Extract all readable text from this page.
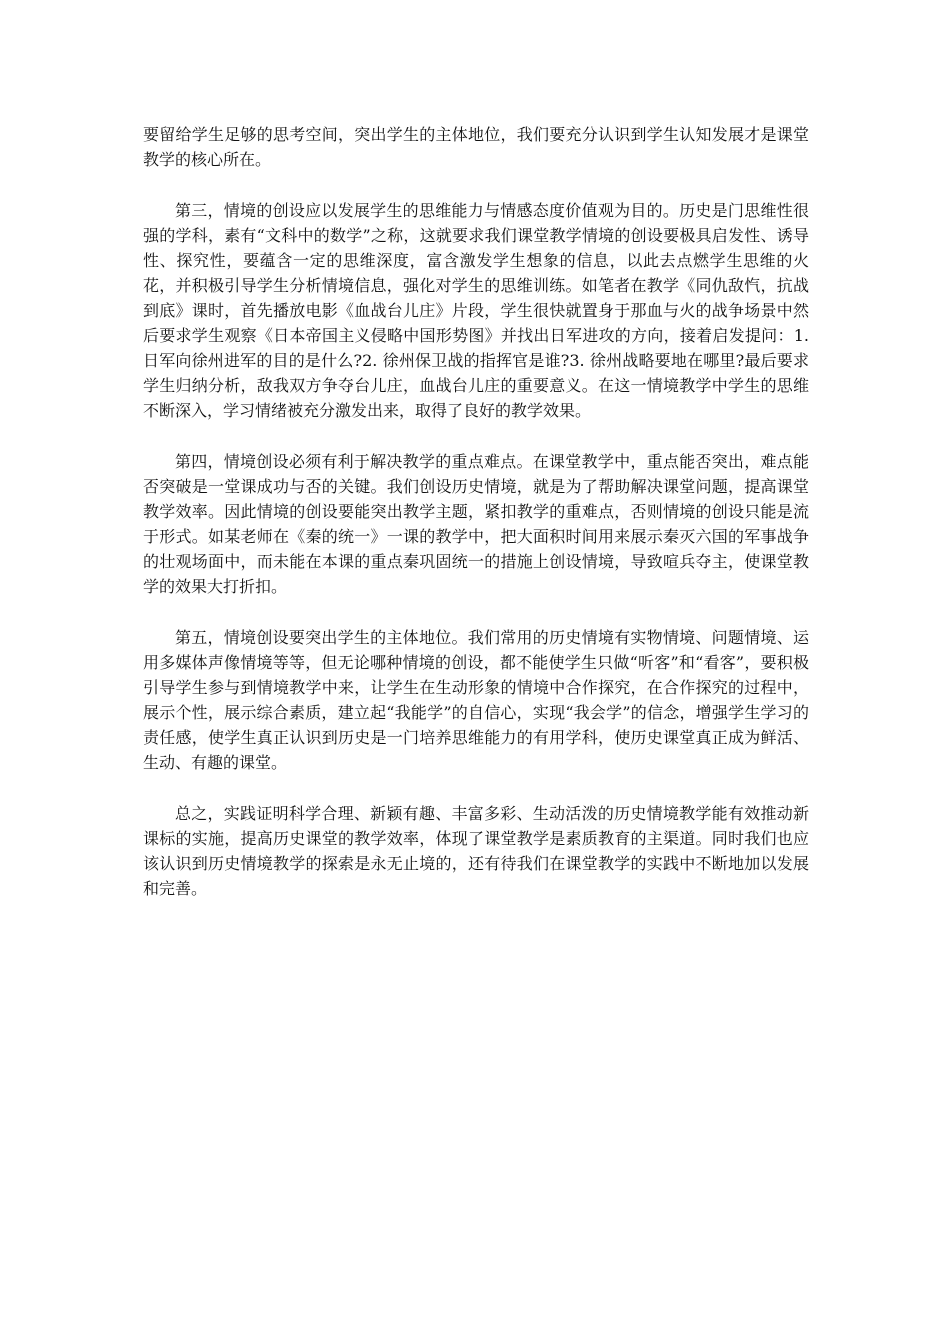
要留给学生足够的思考空间，突出学生的主体地位，我们要充分认识到学生认知发展才是课堂教学的核心所在。

第三，情境的创设应以发展学生的思维能力与情感态度价值观为目的。历史是门思维性很强的学科，素有“文科中的数学”之称，这就要求我们课堂教学情境的创设要极具启发性、诱导性、探究性，要蕴含一定的思维深度，富含激发学生想象的信息，以此去点燃学生思维的火花，并积极引导学生分析情境信息，强化对学生的思维训练。如笔者在教学《同仇敌忾，抗战到底》课时，首先播放电影《血战台儿庄》片段，学生很快就置身于那血与火的战争场景中然后要求学生观察《日本帝国主义侵略中国形势图》并找出日军进攻的方向，接着启发提问：1. 日军向徐州进军的目的是什么?2. 徐州保卫战的指挥官是谁?3. 徐州战略要地在哪里?最后要求学生归纳分析，敌我双方争夺台儿庄，血战台儿庄的重要意义。在这一情境教学中学生的思维不断深入，学习情绪被充分激发出来，取得了良好的教学效果。

第四，情境创设必须有利于解决教学的重点难点。在课堂教学中，重点能否突出，难点能否突破是一堂课成功与否的关键。我们创设历史情境，就是为了帮助解决课堂问题，提高课堂教学效率。因此情境的创设要能突出教学主题，紧扣教学的重难点，否则情境的创设只能是流于形式。如某老师在《秦的统一》一课的教学中，把大面积时间用来展示秦灭六国的军事战争的壮观场面中，而未能在本课的重点秦巩固统一的措施上创设情境，导致喧兵夺主，使课堂教学的效果大打折扣。

第五，情境创设要突出学生的主体地位。我们常用的历史情境有实物情境、问题情境、运用多媒体声像情境等等，但无论哪种情境的创设，都不能使学生只做“听客”和“看客”，要积极引导学生参与到情境教学中来，让学生在生动形象的情境中合作探究，在合作探究的过程中，展示个性，展示综合素质，建立起“我能学”的自信心，实现“我会学”的信念，增强学生学习的责任感，使学生真正认识到历史是一门培养思维能力的有用学科，使历史课堂真正成为鲜活、生动、有趣的课堂。

总之，实践证明科学合理、新颖有趣、丰富多彩、生动活泼的历史情境教学能有效推动新课标的实施，提高历史课堂的教学效率，体现了课堂教学是素质教育的主渠道。同时我们也应该认识到历史情境教学的探索是永无止境的，还有待我们在课堂教学的实践中不断地加以发展和完善。
